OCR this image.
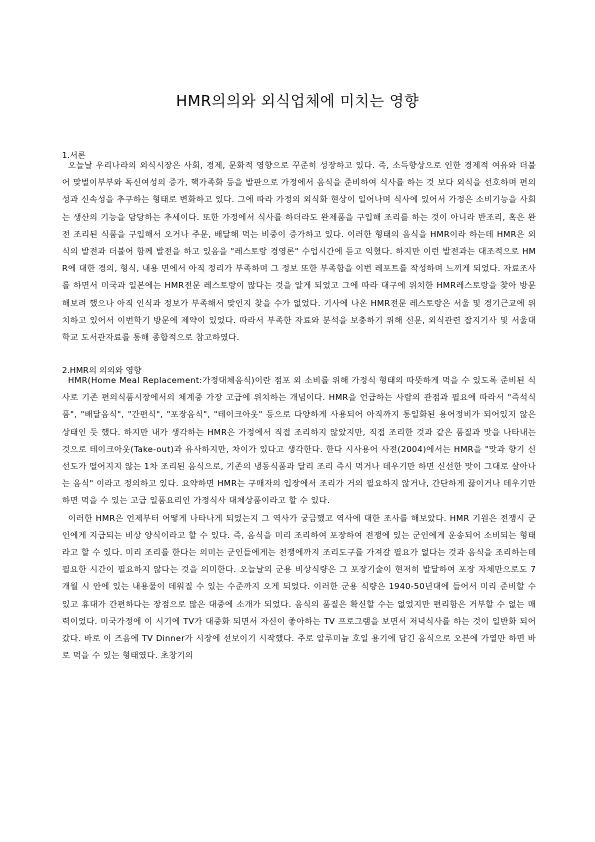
HMR의의와 외식업체에 미치는 영향
1.서론

오늘날 우리나라의 외식시장은 사회, 경제, 문화적 영향으로 꾸준히 성장하고 있다. 즉, 소득향상으로 인한 경제적 여유와 더불어 맞벌이부부와 독신여성의 증가, 핵가족화 등을 발판으로 가정에서 음식을 준비하여 식사를 하는 것 보다 외식을 선호하며 편의성과 신속성을 추구하는 형태로 변화하고 있다. 그에 따라 가정의 외식화 현상이 일어나며 식사에 있어서 가정은 소비기능을 사회는 생산의 기능을 담당하는 추세이다. 또한 가정에서 식사를 하더라도 완제품을 구입해 조리를 하는 것이 아니라 반조리, 혹은 완전 조리된 식품을 구입해서 오거나 주문, 배달해 먹는 비중이 증가하고 있다. 이러한 형태의 음식을 HMR이라 하는데 HMR은 외식의 발전과 더불어 함께 발전을 하고 있음을 "레스토랑 경영론" 수업시간에 듣고 익혔다. 하지만 이런 발전과는 대조적으로 HMR에 대한 경의, 형식, 내용 면에서 아직 정리가 부족하며 그 정보 또한 부족함을 이번 레포트를 작성하며 느끼게 되었다. 자료조사를 하면서 미국과 일본에는 HMR전문 레스토랑이 많다는 것을 알게 되었고 그에 따라 대구에 위치한 HMR레스토랑을 찾아 방문해보려 했으나 아직 인식과 정보가 부족해서 맞인지 찾을 수가 없었다. 기사에 나온 HMR전문 레스토랑은 서울 및 경기근교에 위치하고 있어서 이번학기 방문에 제약이 있었다. 따라서 부족한 자료와 분석을 보충하기 위해 신문, 외식관련 잡지기사 및 서울대학교 도서관자료를 통해 종합적으로 참고하였다.

2.HMR의 의의와 영향

HMR(Home Meal Replacement:가정대체음식)이란 점포 외 소비를 위해 가정식 형태의 따뜻하게 먹을 수 있도록 준비된 식사로 기존 편의식품시장에서의 체계중 가장 고급에 위치하는 개념이다. HMR을 언급하는 사람의 관점과 필요에 따라서 "즉석식품", "배달음식", "간편식", "포장음식", "테이크아웃" 등으로 다양하게 사용되어 아직까지 통일화된 용어정비가 되어있지 않은 상태인 듯 했다. 하지만 내가 생각하는 HMR은 가정에서 직접 조리하지 않았지만, 직접 조리한 것과 같은 품질과 맛을 나타내는 것으로 테이크아웃(Take-out)과 유사하지만, 차이가 있다고 생각한다. 한다 시사용어 사전(2004)에서는 HMR을 "맛과 향기 신선도가 떨어지지 않는 1차 조리된 음식으로, 기존의 냉동식품과 달리 조리 즉시 먹거나 데우기만 하면 신선한 맛이 그대로 살아나는 음식" 이라고 정의하고 있다. 요약하면 HMR는 구매자의 입장에서 조리가 거의 필요하지 않거나, 간단하게 끓이거나 데우기만 하면 먹을 수 있는 고급 일품요리인 가정식사 대체상품이라고 할 수 있다.
이러한 HMR은 언제부터 어떻게 나타나게 되었는지 그 역사가 궁금했고 역사에 대한 조사를 해보았다. HMR 기원은 전쟁시 군인에게 지급되는 비상 양식이라고 할 수 있다. 즉, 음식을 미리 조리하여 포장하여 전쟁에 있는 군인에게 운송되어 소비되는 형태라고 할 수 있다. 미리 조리를 한다는 의미는 군인들에게는 전쟁에까지 조리도구를 가져갈 필요가 없다는 것과 음식을 조리하는데 필요한 시간이 필요하지 않다는 것을 의미한다. 오늘날의 군용 비상식량은 그 포장기술이 현저히 발달하여 포장 자체만으로도 7개월 시 안에 있는 내용물이 데워질 수 있는 수준까지 오게 되었다. 이러한 군용 식량은 1940-50년대에 들어서 미리 준비할 수 있고 휴대가 간편하다는 장점으로 많은 대중에 소개가 되었다. 음식의 품질은 확신할 수는 없었지만 편리함은 거부할 수 없는 매력이었다. 미국가정에 이 시기에 TV가 대중화 되면서 자신이 좋아하는 TV 프로그램을 보면서 저녁식사를 하는 것이 일반화 되어갔다. 바로 이 즈음에 TV Dinner가 시장에 선보이기 시작했다. 주로 알루미늄 호일 용기에 담긴 음식으로 오븐에 가열만 하면 바로 먹을 수 있는 형태였다. 초창기의
